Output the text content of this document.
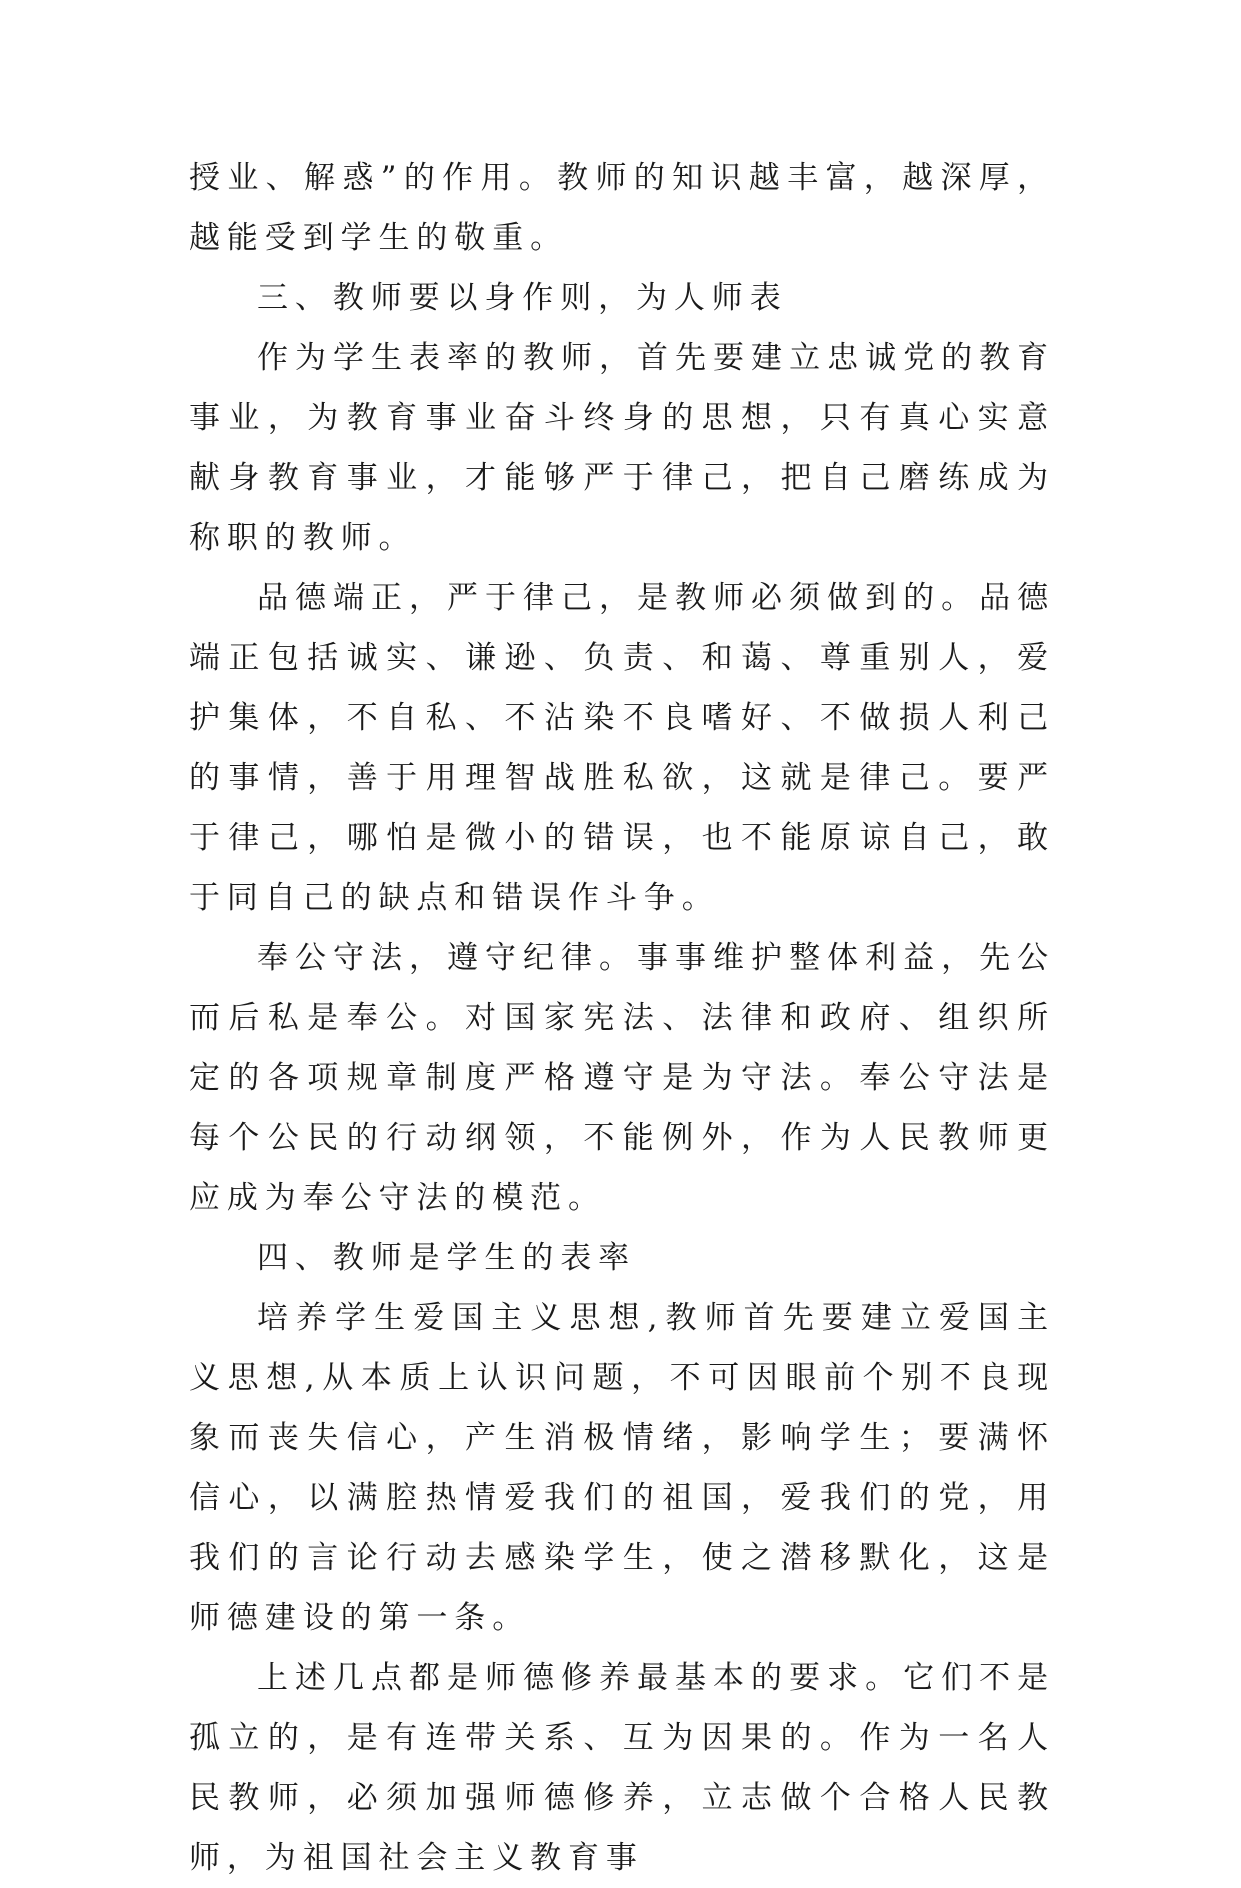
授业、解惑”的作用。教师的知识越丰富，越深厚，越能受到学生的敬重。

三、教师要以身作则，为人师表

作为学生表率的教师，首先要建立忠诚党的教育事业，为教育事业奋斗终身的思想，只有真心实意献身教育事业，才能够严于律己，把自己磨练成为称职的教师。

品德端正，严于律己，是教师必须做到的。品德端正包括诚实、谦逊、负责、和蔼、尊重别人，爱护集体，不自私、不沾染不良嗜好、不做损人利己的事情，善于用理智战胜私欲，这就是律己。要严于律己，哪怕是微小的错误，也不能原谅自己，敢于同自己的缺点和错误作斗争。

奉公守法，遵守纪律。事事维护整体利益，先公而后私是奉公。对国家宪法、法律和政府、组织所定的各项规章制度严格遵守是为守法。奉公守法是每个公民的行动纲领，不能例外，作为人民教师更应成为奉公守法的模范。

四、教师是学生的表率

培养学生爱国主义思想,教师首先要建立爱国主义思想,从本质上认识问题，不可因眼前个别不良现象而丧失信心，产生消极情绪，影响学生；要满怀信心，以满腔热情爱我们的祖国，爱我们的党，用我们的言论行动去感染学生，使之潜移默化，这是师德建设的第一条。

上述几点都是师德修养最基本的要求。它们不是孤立的，是有连带关系、互为因果的。作为一名人民教师，必须加强师德修养，立志做个合格人民教师，为祖国社会主义教育事
